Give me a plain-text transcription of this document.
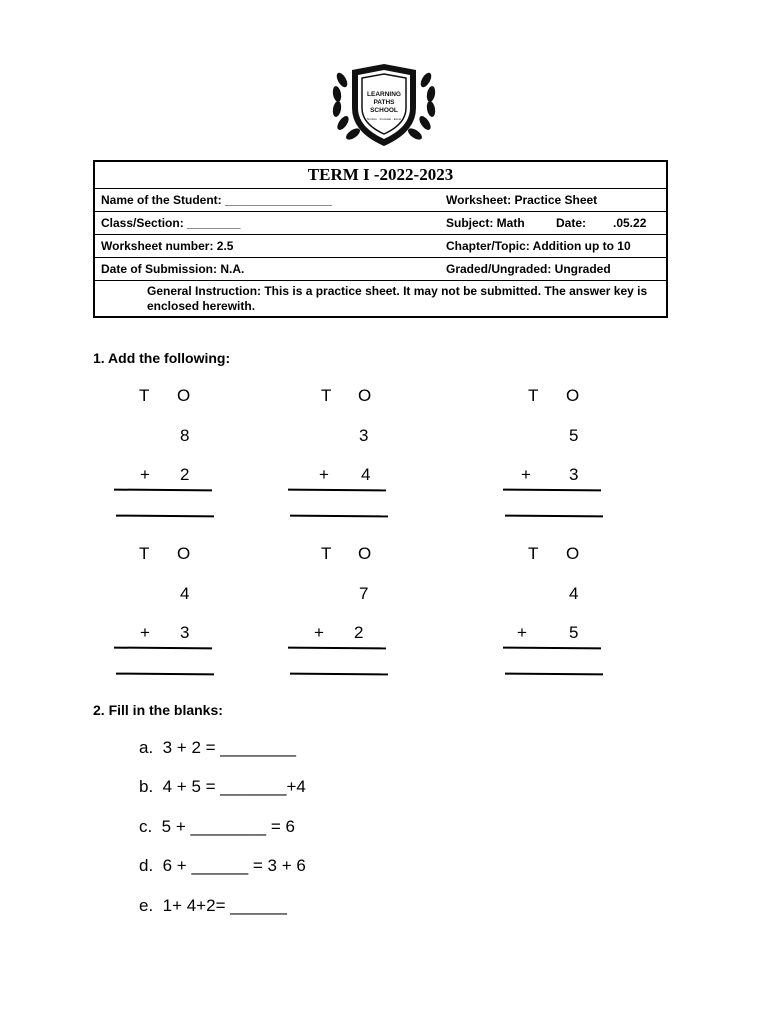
LEARNING
PATHS
SCHOOL
Nurture · Innovate · Excel
TERM I -2022-2023
Name of the Student: ________________	Worksheet: Practice Sheet
Class/Section: ________	Subject: Math	Date: .05.22
Worksheet number: 2.5	Chapter/Topic: Addition up to 10
Date of Submission: N.A.	Graded/Ungraded: Ungraded
General Instruction: This is a practice sheet. It may not be submitted. The answer key is enclosed herewith.
1. Add the following:
T O
8
+ 2
T O
3
+ 4
T O
5
+ 3
T O
4
+ 3
T O
7
+ 2
T O
4
+ 5
2. Fill in the blanks:
a.  3 + 2 = ________
b.  4 + 5 = _______+4
c.  5 + ________ = 6
d.  6 + ______ = 3 + 6
e.  1+ 4+2= ______
